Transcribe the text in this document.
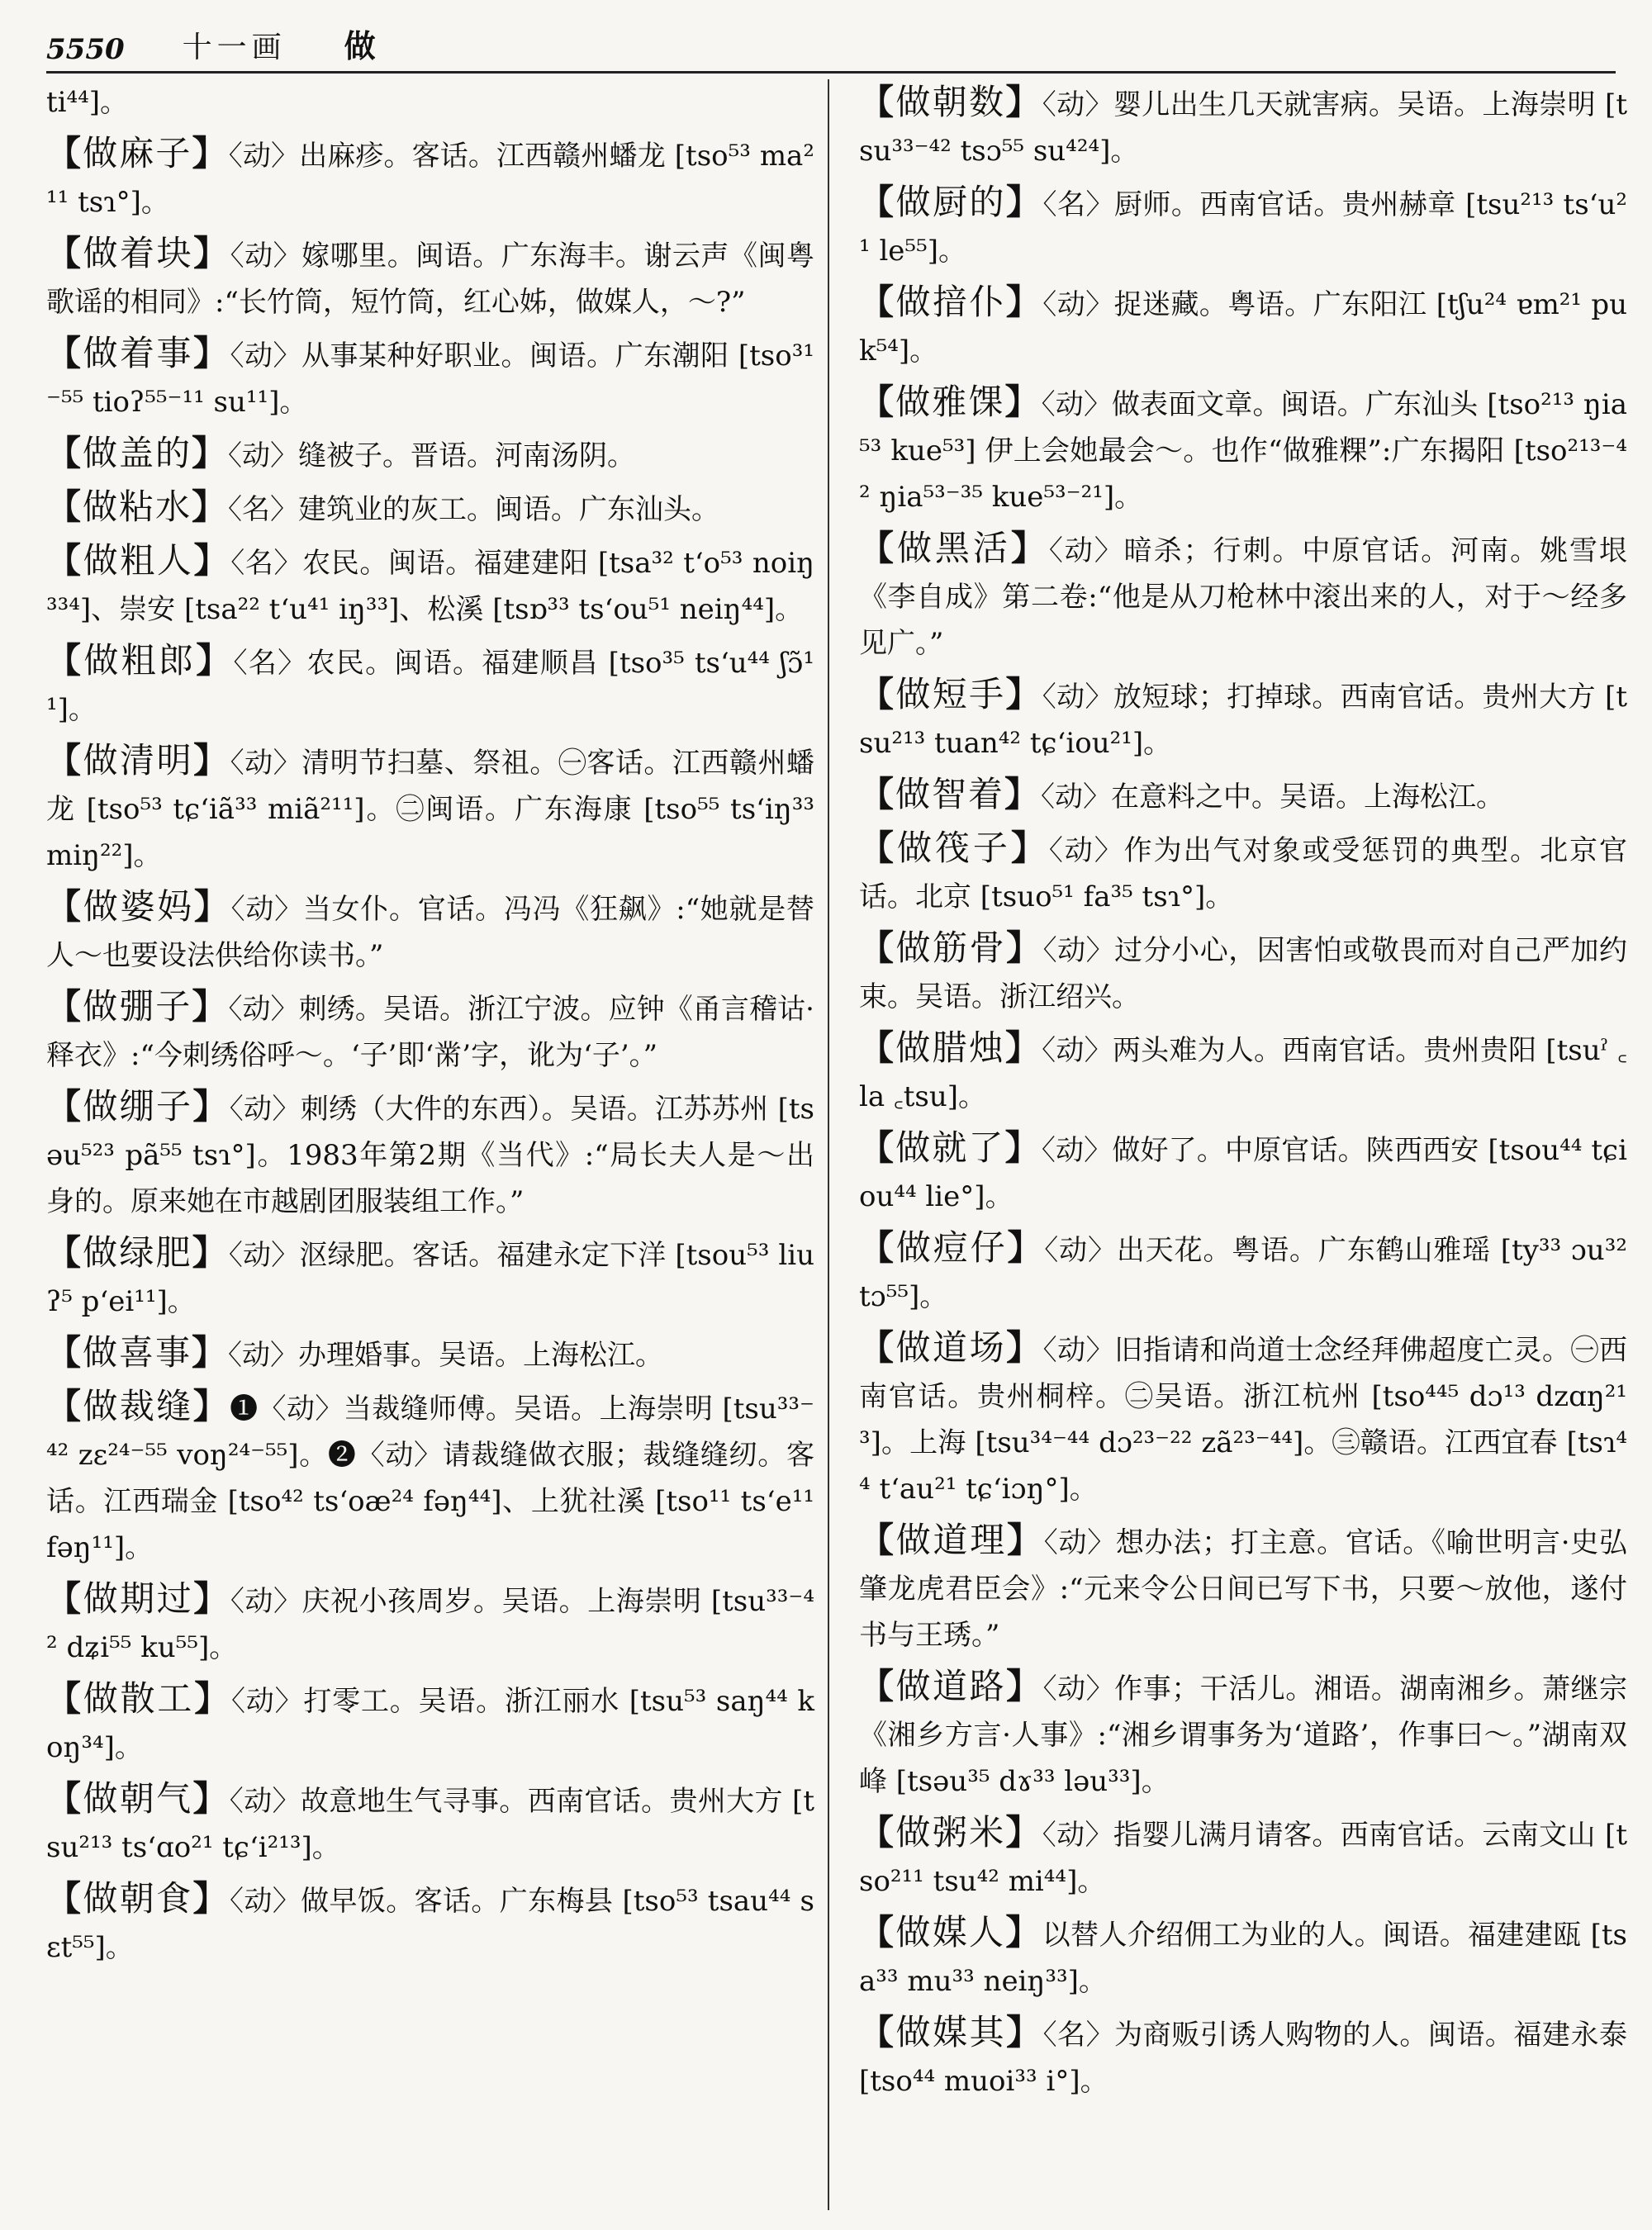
5550 十一画 做
ti⁴⁴]。
【做麻子】〈动〉出麻疹。客话。江西赣州蟠龙 [tso⁵³ ma²¹¹ tsɿ°]。
【做着块】〈动〉嫁哪里。闽语。广东海丰。谢云声《闽粤歌谣的相同》:“长竹筒，短竹筒，红心姊，做媒人，～?”
【做着事】〈动〉从事某种好职业。闽语。广东潮阳 [tso³¹⁻⁵⁵ tioʔ⁵⁵⁻¹¹ su¹¹]。
【做盖的】〈动〉缝被子。晋语。河南汤阴。
【做粘水】〈名〉建筑业的灰工。闽语。广东汕头。
【做粗人】〈名〉农民。闽语。福建建阳 [tsa³² t‘o⁵³ noiŋ³³⁴]、崇安 [tsa²² t‘u⁴¹ iŋ³³]、松溪 [tsɒ³³ ts‘ou⁵¹ neiŋ⁴⁴]。
【做粗郎】〈名〉农民。闽语。福建顺昌 [tso³⁵ ts‘u⁴⁴ ʃɔ̃¹¹]。
【做清明】〈动〉清明节扫墓、祭祖。㊀客话。江西赣州蟠龙 [tso⁵³ tɕ‘iã³³ miã²¹¹]。㊁闽语。广东海康 [tso⁵⁵ ts‘iŋ³³ miŋ²²]。
【做婆妈】〈动〉当女仆。官话。冯冯《狂飙》:“她就是替人～也要设法供给你读书。”
【做弸子】〈动〉刺绣。吴语。浙江宁波。应钟《甬言稽诂·释衣》:“今刺绣俗呼～。‘子’即‘黹’字，讹为‘子’。”
【做绷子】〈动〉刺绣（大件的东西）。吴语。江苏苏州 [tsəu⁵²³ pã⁵⁵ tsɿ°]。1983年第2期《当代》:“局长夫人是～出身的。原来她在市越剧团服装组工作。”
【做绿肥】〈动〉沤绿肥。客话。福建永定下洋 [tsou⁵³ liuʔ⁵ p‘ei¹¹]。
【做喜事】〈动〉办理婚事。吴语。上海松江。
【做裁缝】❶〈动〉当裁缝师傅。吴语。上海崇明 [tsu³³⁻⁴² zɛ²⁴⁻⁵⁵ voŋ²⁴⁻⁵⁵]。❷〈动〉请裁缝做衣服；裁缝缝纫。客话。江西瑞金 [tso⁴² ts‘oæ²⁴ fəŋ⁴⁴]、上犹社溪 [tso¹¹ ts‘e¹¹ fəŋ¹¹]。
【做期过】〈动〉庆祝小孩周岁。吴语。上海崇明 [tsu³³⁻⁴² dʑi⁵⁵ ku⁵⁵]。
【做散工】〈动〉打零工。吴语。浙江丽水 [tsu⁵³ saŋ⁴⁴ koŋ³⁴]。
【做朝气】〈动〉故意地生气寻事。西南官话。贵州大方 [tsu²¹³ ts‘ɑo²¹ tɕ‘i²¹³]。
【做朝食】〈动〉做早饭。客话。广东梅县 [tso⁵³ tsau⁴⁴ sɛt⁵⁵]。
【做朝数】〈动〉婴儿出生几天就害病。吴语。上海崇明 [tsu³³⁻⁴² tsɔ⁵⁵ su⁴²⁴]。
【做厨的】〈名〉厨师。西南官话。贵州赫章 [tsu²¹³ ts‘u²¹ le⁵⁵]。
【做揞仆】〈动〉捉迷藏。粤语。广东阳江 [tʃu²⁴ ɐm²¹ puk⁵⁴]。
【做雅馃】〈动〉做表面文章。闽语。广东汕头 [tso²¹³ ŋia⁵³ kue⁵³] 伊上会她最会～。也作“做雅粿”:广东揭阳 [tso²¹³⁻⁴² ŋia⁵³⁻³⁵ kue⁵³⁻²¹]。
【做黑活】〈动〉暗杀；行刺。中原官话。河南。姚雪垠《李自成》第二卷:“他是从刀枪林中滚出来的人，对于～经多见广。”
【做短手】〈动〉放短球；打掉球。西南官话。贵州大方 [tsu²¹³ tuan⁴² tɕ‘iou²¹]。
【做智着】〈动〉在意料之中。吴语。上海松江。
【做筏子】〈动〉作为出气对象或受惩罚的典型。北京官话。北京 [tsuo⁵¹ fa³⁵ tsɿ°]。
【做筋骨】〈动〉过分小心，因害怕或敬畏而对自己严加约束。吴语。浙江绍兴。
【做腊烛】〈动〉两头难为人。西南官话。贵州贵阳 [tsuˀ ꜀la ꜀tsu]。
【做就了】〈动〉做好了。中原官话。陕西西安 [tsou⁴⁴ tɕiou⁴⁴ lie°]。
【做痘仔】〈动〉出天花。粤语。广东鹤山雅瑶 [ty³³ ɔu³² tɔ⁵⁵]。
【做道场】〈动〉旧指请和尚道士念经拜佛超度亡灵。㊀西南官话。贵州桐梓。㊁吴语。浙江杭州 [tso⁴⁴⁵ dɔ¹³ dzɑŋ²¹³]。上海 [tsu³⁴⁻⁴⁴ dɔ²³⁻²² zã²³⁻⁴⁴]。㊂赣语。江西宜春 [tsɿ⁴⁴ t‘au²¹ tɕ‘iɔŋ°]。
【做道理】〈动〉想办法；打主意。官话。《喻世明言·史弘肇龙虎君臣会》:“元来令公日间已写下书，只要～放他，遂付书与王琇。”
【做道路】〈动〉作事；干活儿。湘语。湖南湘乡。萧继宗《湘乡方言·人事》:“湘乡谓事务为‘道路’，作事曰～。”湖南双峰 [tsəu³⁵ dɤ³³ ləu³³]。
【做粥米】〈动〉指婴儿满月请客。西南官话。云南文山 [tso²¹¹ tsu⁴² mi⁴⁴]。
【做媒人】以替人介绍佣工为业的人。闽语。福建建瓯 [tsa³³ mu³³ neiŋ³³]。
【做媒其】〈名〉为商贩引诱人购物的人。闽语。福建永泰 [tso⁴⁴ muoi³³ i°]。
